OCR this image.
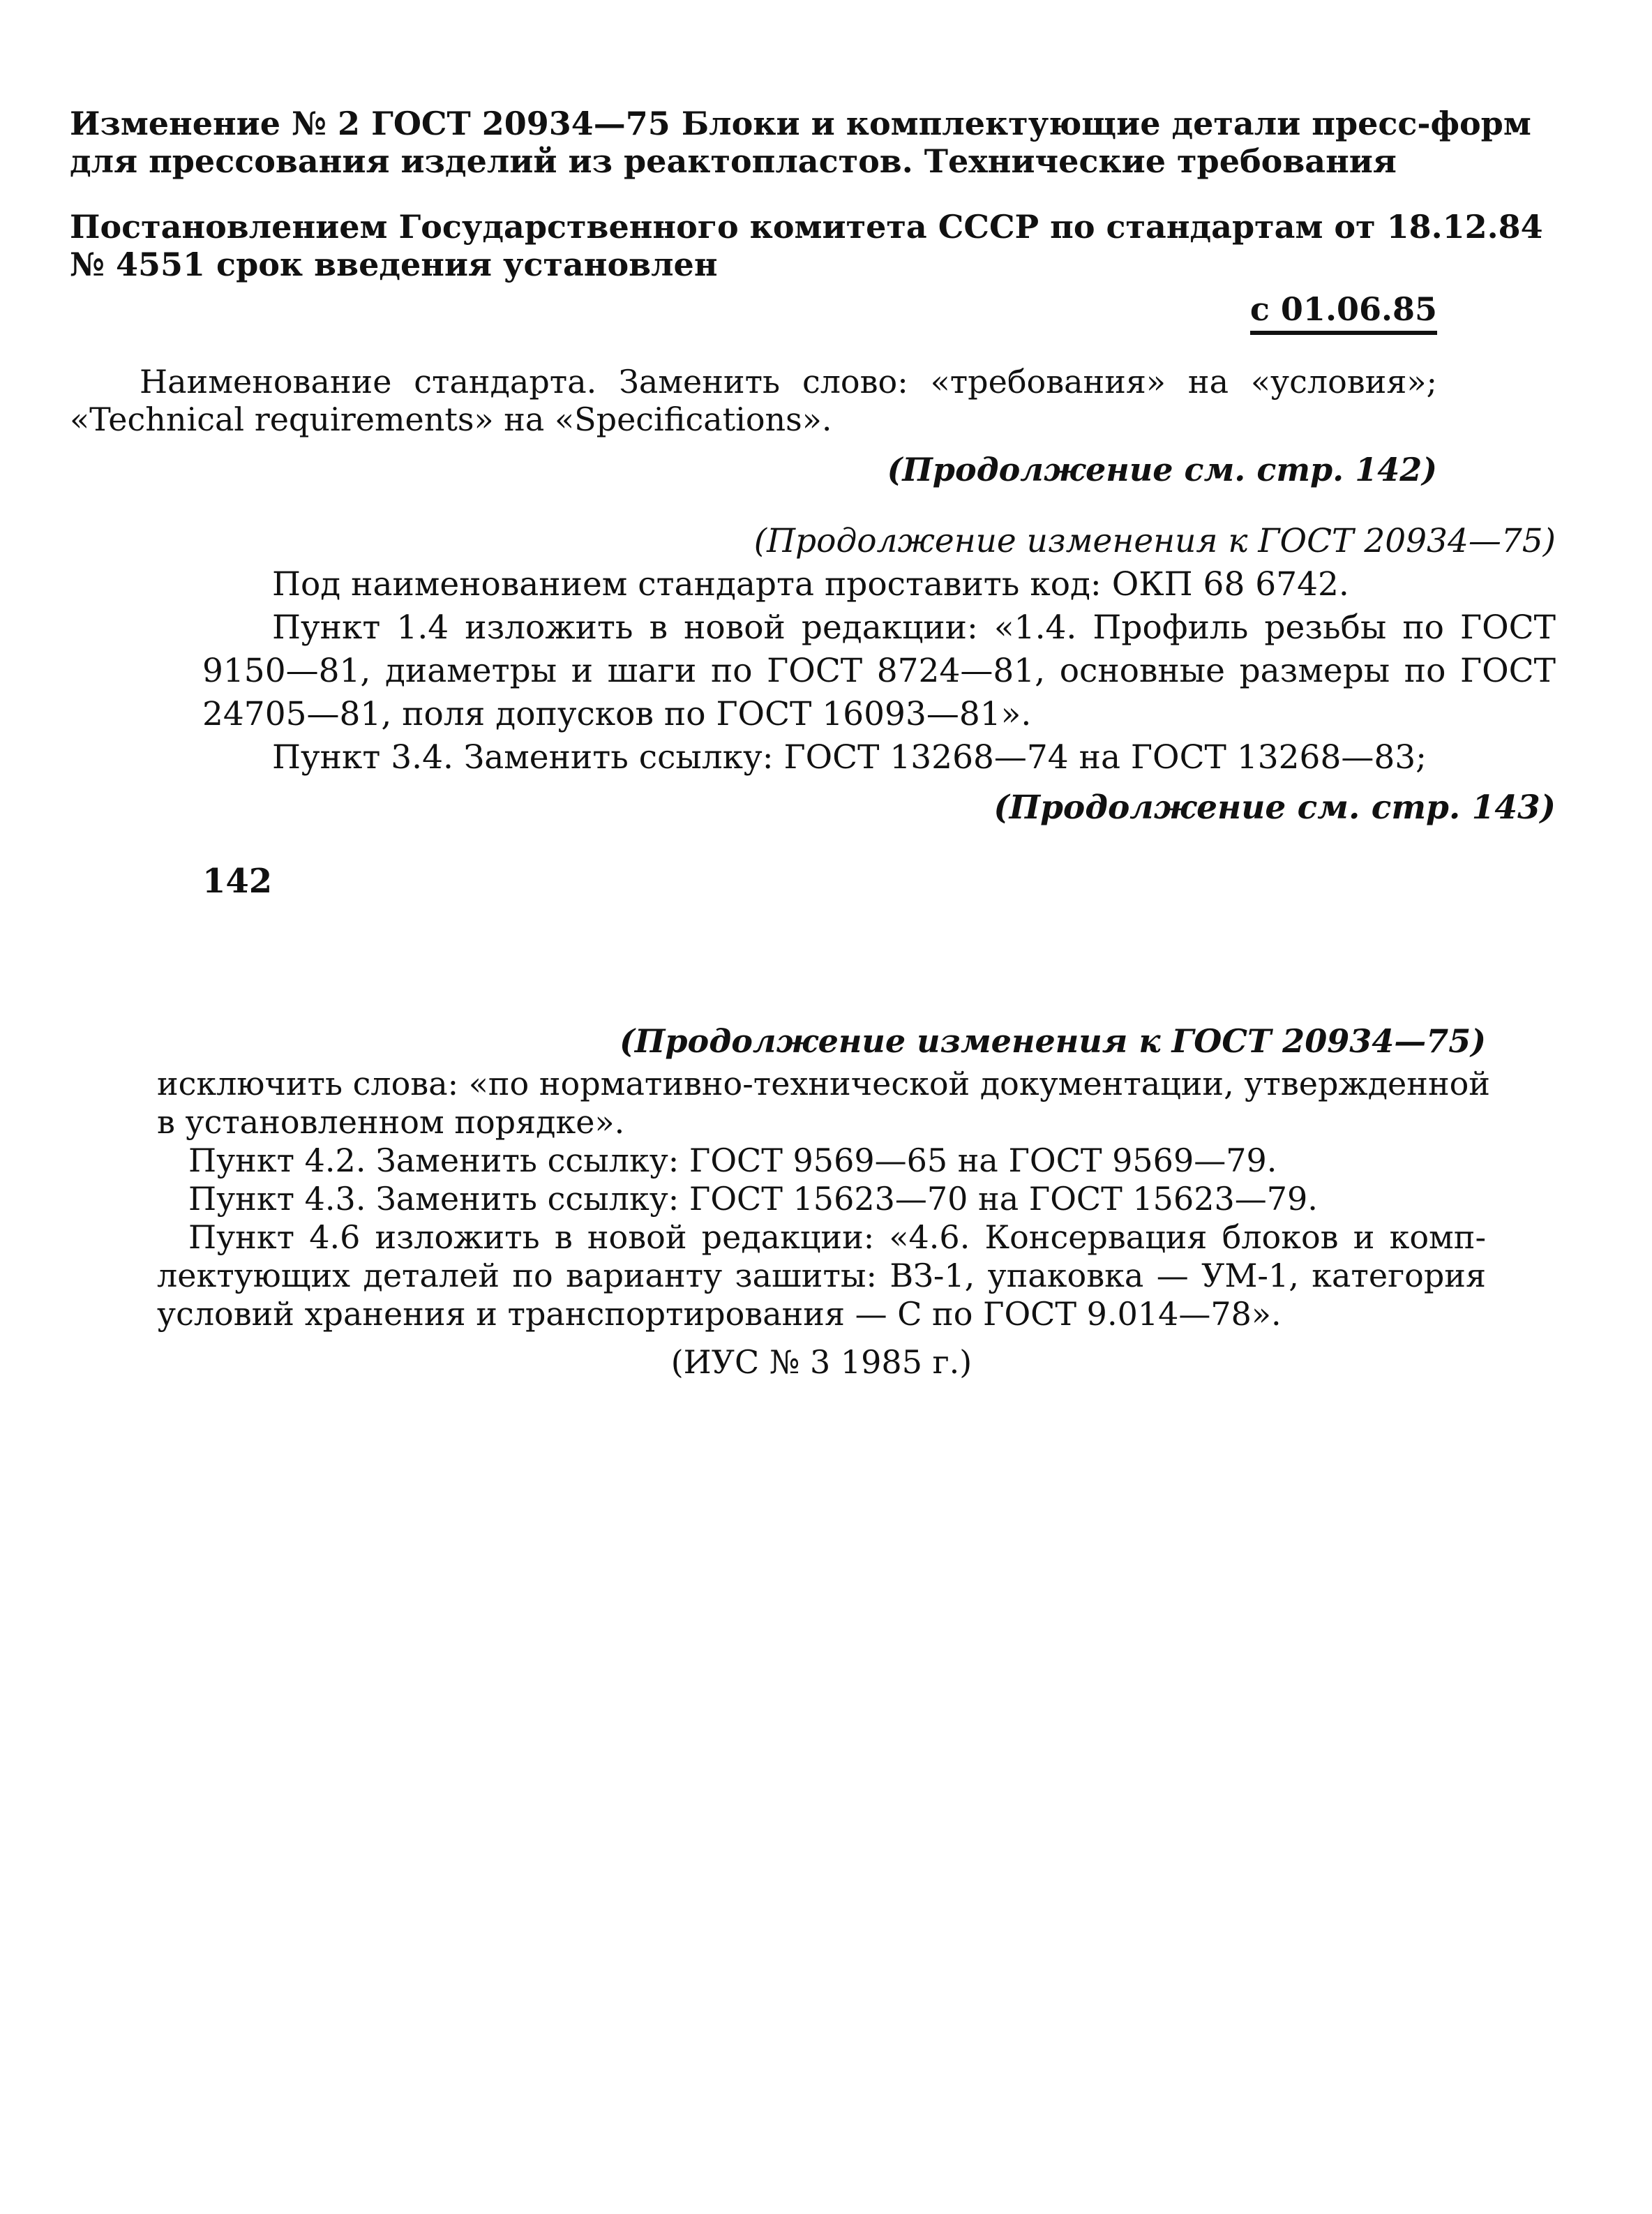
Изменение № 2 ГОСТ 20934—75 Блоки и комплектующие детали пресс-форм
для прессования изделий из реактопластов. Технические требования
Постановлением Государственного комитета СССР по стандартам от 18.12.84
№ 4551 срок введения установлен
с 01.06.85
Наименование стандарта. Заменить слово: «требования» на «условия»;
«Technical requirements» на «Specifications».
(Продолжение см. стр. 142)
(Продолжение изменения к ГОСТ 20934—75)
Под наименованием стандарта проставить код: ОКП 68 6742.
Пункт 1.4 изложить в новой редакции: «1.4. Профиль резьбы по ГОСТ
9150—81, диаметры и шаги по ГОСТ 8724—81, основные размеры по ГОСТ
24705—81, поля допусков по ГОСТ 16093—81».
Пункт 3.4. Заменить ссылку: ГОСТ 13268—74 на ГОСТ 13268—83;
(Продолжение см. стр. 143)
142
(Продолжение изменения к ГОСТ 20934—75)
исключить слова: «по нормативно-технической документации, утвержденной
в установленном порядке».
Пункт 4.2. Заменить ссылку: ГОСТ 9569—65 на ГОСТ 9569—79.
Пункт 4.3. Заменить ссылку: ГОСТ 15623—70 на ГОСТ 15623—79.
Пункт 4.6 изложить в новой редакции: «4.6. Консервация блоков и комп-
лектующих деталей по варианту зашиты: ВЗ-1, упаковка — УМ-1, категория
условий хранения и транспортирования — С по ГОСТ 9.014—78».
(ИУС № 3 1985 г.)
